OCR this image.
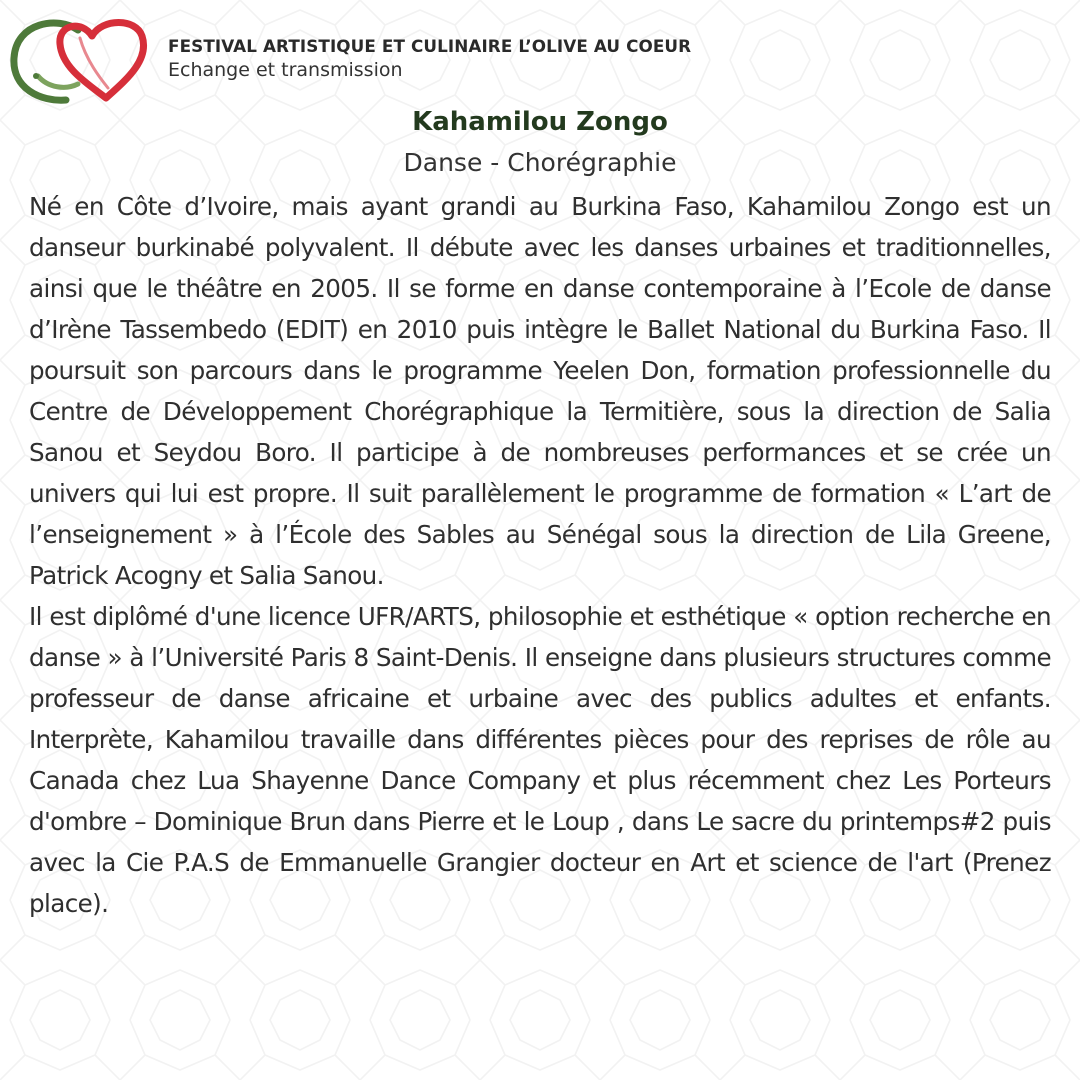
FESTIVAL ARTISTIQUE ET CULINAIRE L’OLIVE AU COEUR
Echange et transmission
Kahamilou Zongo
Danse - Chorégraphie

Né en Côte d’Ivoire, mais ayant grandi au Burkina Faso, Kahamilou Zongo est un danseur burkinabé polyvalent. Il débute avec les danses urbaines et traditionnelles, ainsi que le théâtre en 2005. Il se forme en danse contemporaine à l’Ecole de danse d’Irène Tassembedo (EDIT) en 2010 puis intègre le Ballet National du Burkina Faso. Il poursuit son parcours dans le programme Yeelen Don, formation professionnelle du Centre de Développement Chorégraphique la Termitière, sous la direction de Salia Sanou et Seydou Boro. Il participe à de nombreuses performances et se crée un univers qui lui est propre. Il suit parallèlement le programme de formation « L’art de l’enseignement » à l’École des Sables au Sénégal sous la direction de Lila Greene, Patrick Acogny et Salia Sanou.

Il est diplômé d'une licence UFR/ARTS, philosophie et esthétique « option recherche en danse » à l’Université Paris 8 Saint-Denis. Il enseigne dans plusieurs structures comme professeur de danse africaine et urbaine avec des publics adultes et enfants. Interprète, Kahamilou travaille dans différentes pièces pour des reprises de rôle au Canada chez Lua Shayenne Dance Company et plus récemment chez Les Porteurs d'ombre – Dominique Brun dans Pierre et le Loup , dans Le sacre du printemps#2 puis avec la Cie P.A.S de Emmanuelle Grangier docteur en Art et science de l'art (Prenez place).
